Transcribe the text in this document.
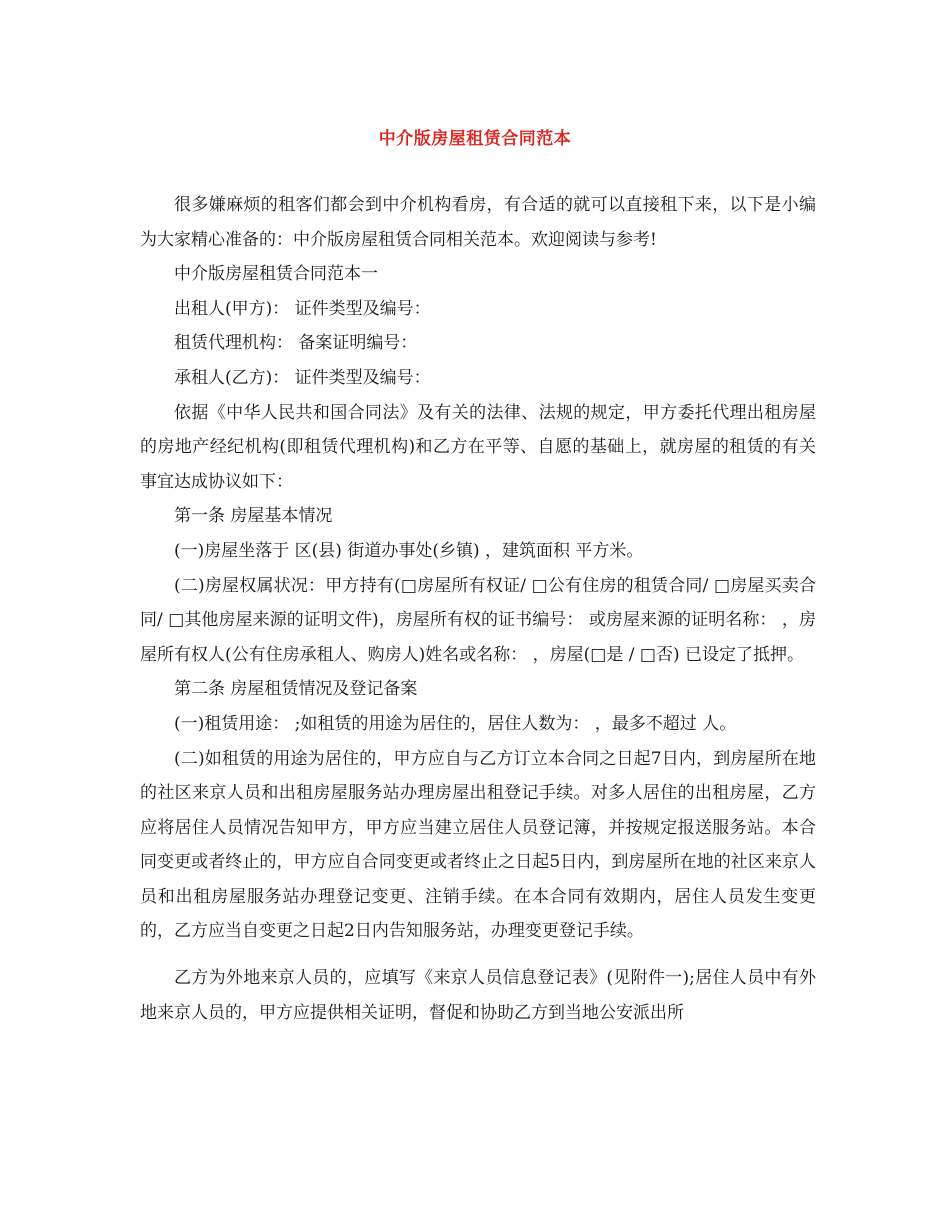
中介版房屋租赁合同范本

很多嫌麻烦的租客们都会到中介机构看房，有合适的就可以直接租下来，以下是小编为大家精心准备的：中介版房屋租赁合同相关范本。欢迎阅读与参考!

中介版房屋租赁合同范本一

出租人(甲方)： 证件类型及编号：

租赁代理机构： 备案证明编号：

承租人(乙方)： 证件类型及编号：

依据《中华人民共和国合同法》及有关的法律、法规的规定，甲方委托代理出租房屋的房地产经纪机构(即租赁代理机构)和乙方在平等、自愿的基础上，就房屋的租赁的有关事宜达成协议如下：

第一条 房屋基本情况

(一)房屋坐落于 区(县) 街道办事处(乡镇) ，建筑面积 平方米。

(二)房屋权属状况：甲方持有(□房屋所有权证/ □公有住房的租赁合同/ □房屋买卖合同/ □其他房屋来源的证明文件)，房屋所有权的证书编号： 或房屋来源的证明名称： ，房屋所有权人(公有住房承租人、购房人)姓名或名称： ，房屋(□是 / □否) 已设定了抵押。

第二条 房屋租赁情况及登记备案

(一)租赁用途： ;如租赁的用途为居住的，居住人数为： ，最多不超过 人。

(二)如租赁的用途为居住的，甲方应自与乙方订立本合同之日起7日内，到房屋所在地的社区来京人员和出租房屋服务站办理房屋出租登记手续。对多人居住的出租房屋，乙方应将居住人员情况告知甲方，甲方应当建立居住人员登记簿，并按规定报送服务站。本合同变更或者终止的，甲方应自合同变更或者终止之日起5日内，到房屋所在地的社区来京人员和出租房屋服务站办理登记变更、注销手续。在本合同有效期内，居住人员发生变更的，乙方应当自变更之日起2日内告知服务站，办理变更登记手续。

乙方为外地来京人员的，应填写《来京人员信息登记表》(见附件一);居住人员中有外地来京人员的，甲方应提供相关证明，督促和协助乙方到当地公安派出所
